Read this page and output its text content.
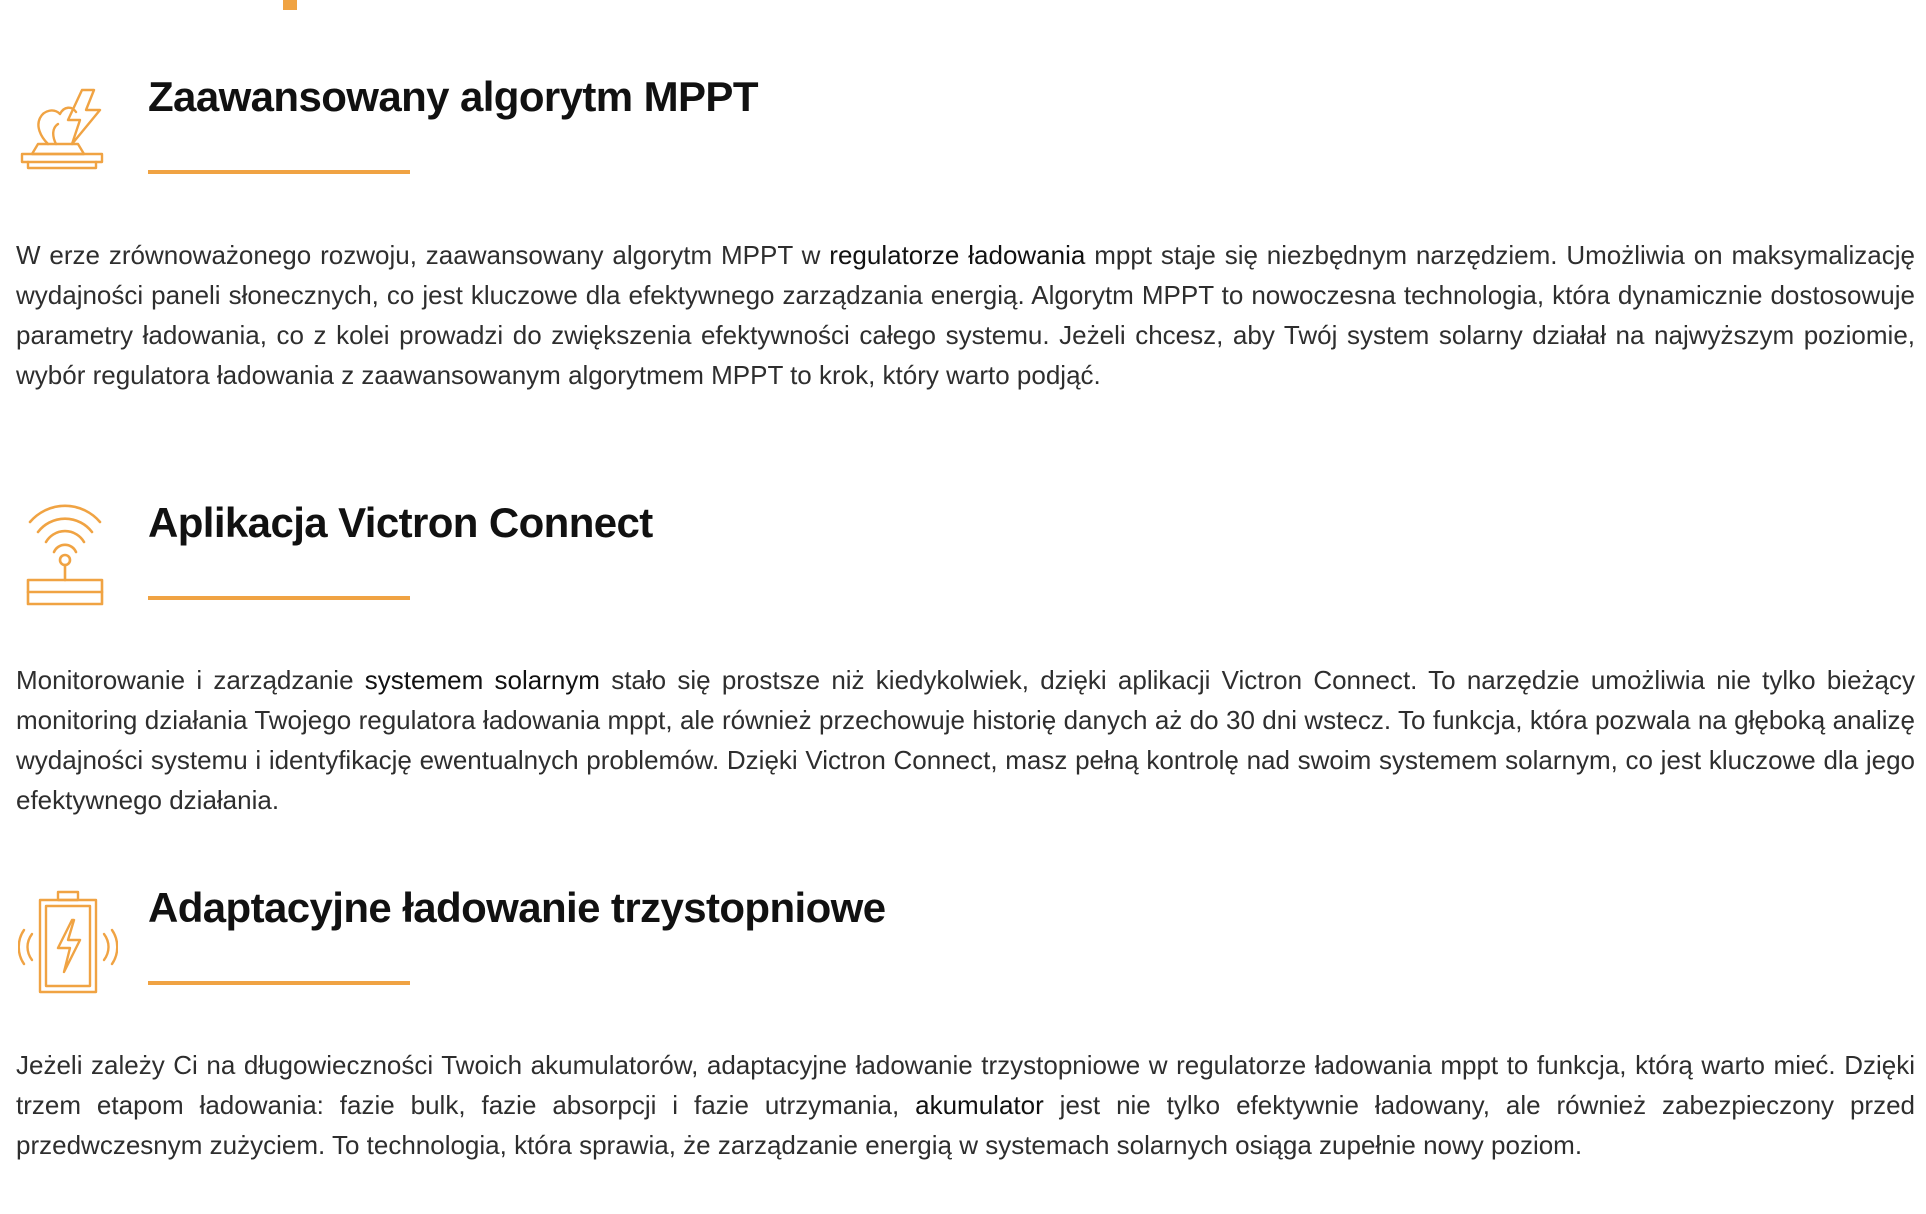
Zaawansowany algorytm MPPT

W erze zrównoważonego rozwoju, zaawansowany algorytm MPPT w regulatorze ładowania mppt staje się niezbędnym narzędziem. Umożliwia on maksymalizację wydajności paneli słonecznych, co jest kluczowe dla efektywnego zarządzania energią. Algorytm MPPT to nowoczesna technologia, która dynamicznie dostosowuje parametry ładowania, co z kolei prowadzi do zwiększenia efektywności całego systemu. Jeżeli chcesz, aby Twój system solarny działał na najwyższym poziomie, wybór regulatora ładowania z zaawansowanym algorytmem MPPT to krok, który warto podjąć.

Aplikacja Victron Connect

Monitorowanie i zarządzanie systemem solarnym stało się prostsze niż kiedykolwiek, dzięki aplikacji Victron Connect. To narzędzie umożliwia nie tylko bieżący monitoring działania Twojego regulatora ładowania mppt, ale również przechowuje historię danych aż do 30 dni wstecz. To funkcja, która pozwala na głęboką analizę wydajności systemu i identyfikację ewentualnych problemów. Dzięki Victron Connect, masz pełną kontrolę nad swoim systemem solarnym, co jest kluczowe dla jego efektywnego działania.

Adaptacyjne ładowanie trzystopniowe

Jeżeli zależy Ci na długowieczności Twoich akumulatorów, adaptacyjne ładowanie trzystopniowe w regulatorze ładowania mppt to funkcja, którą warto mieć. Dzięki trzem etapom ładowania: fazie bulk, fazie absorpcji i fazie utrzymania, akumulator jest nie tylko efektywnie ładowany, ale również zabezpieczony przed przedwczesnym zużyciem. To technologia, która sprawia, że zarządzanie energią w systemach solarnych osiąga zupełnie nowy poziom.
